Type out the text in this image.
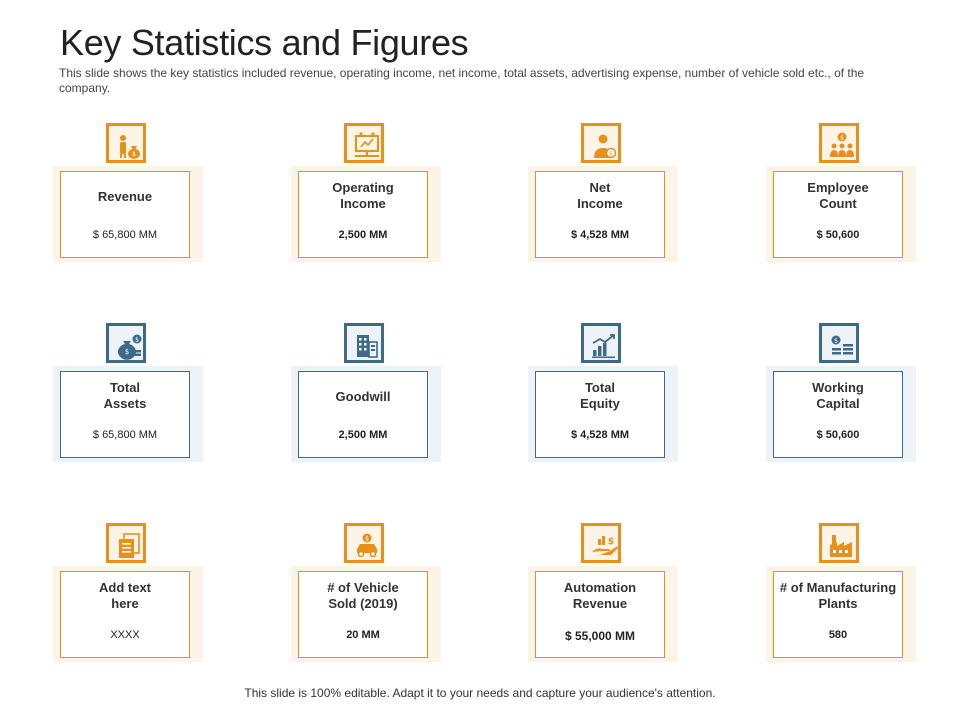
Key Statistics and Figures

This slide shows the key statistics included revenue, operating income, net income, total assets, advertising expense, number of vehicle sold etc., of the company.

$
Revenue
$ 65,800 MM
Operating
Income
2,500 MM
$
Net
Income
$ 4,528 MM
$
Employee
Count
$ 50,600
$
$
Total
Assets
$ 65,800 MM
Goodwill
2,500 MM
Total
Equity
$ 4,528 MM
$
Working
Capital
$ 50,600
Add text
here
XXXX
$
# of Vehicle
Sold (2019)
20 MM
$
Automation
Revenue
$ 55,000 MM
# of Manufacturing
Plants
580
This slide is 100% editable. Adapt it to your needs and capture your audience's attention.
